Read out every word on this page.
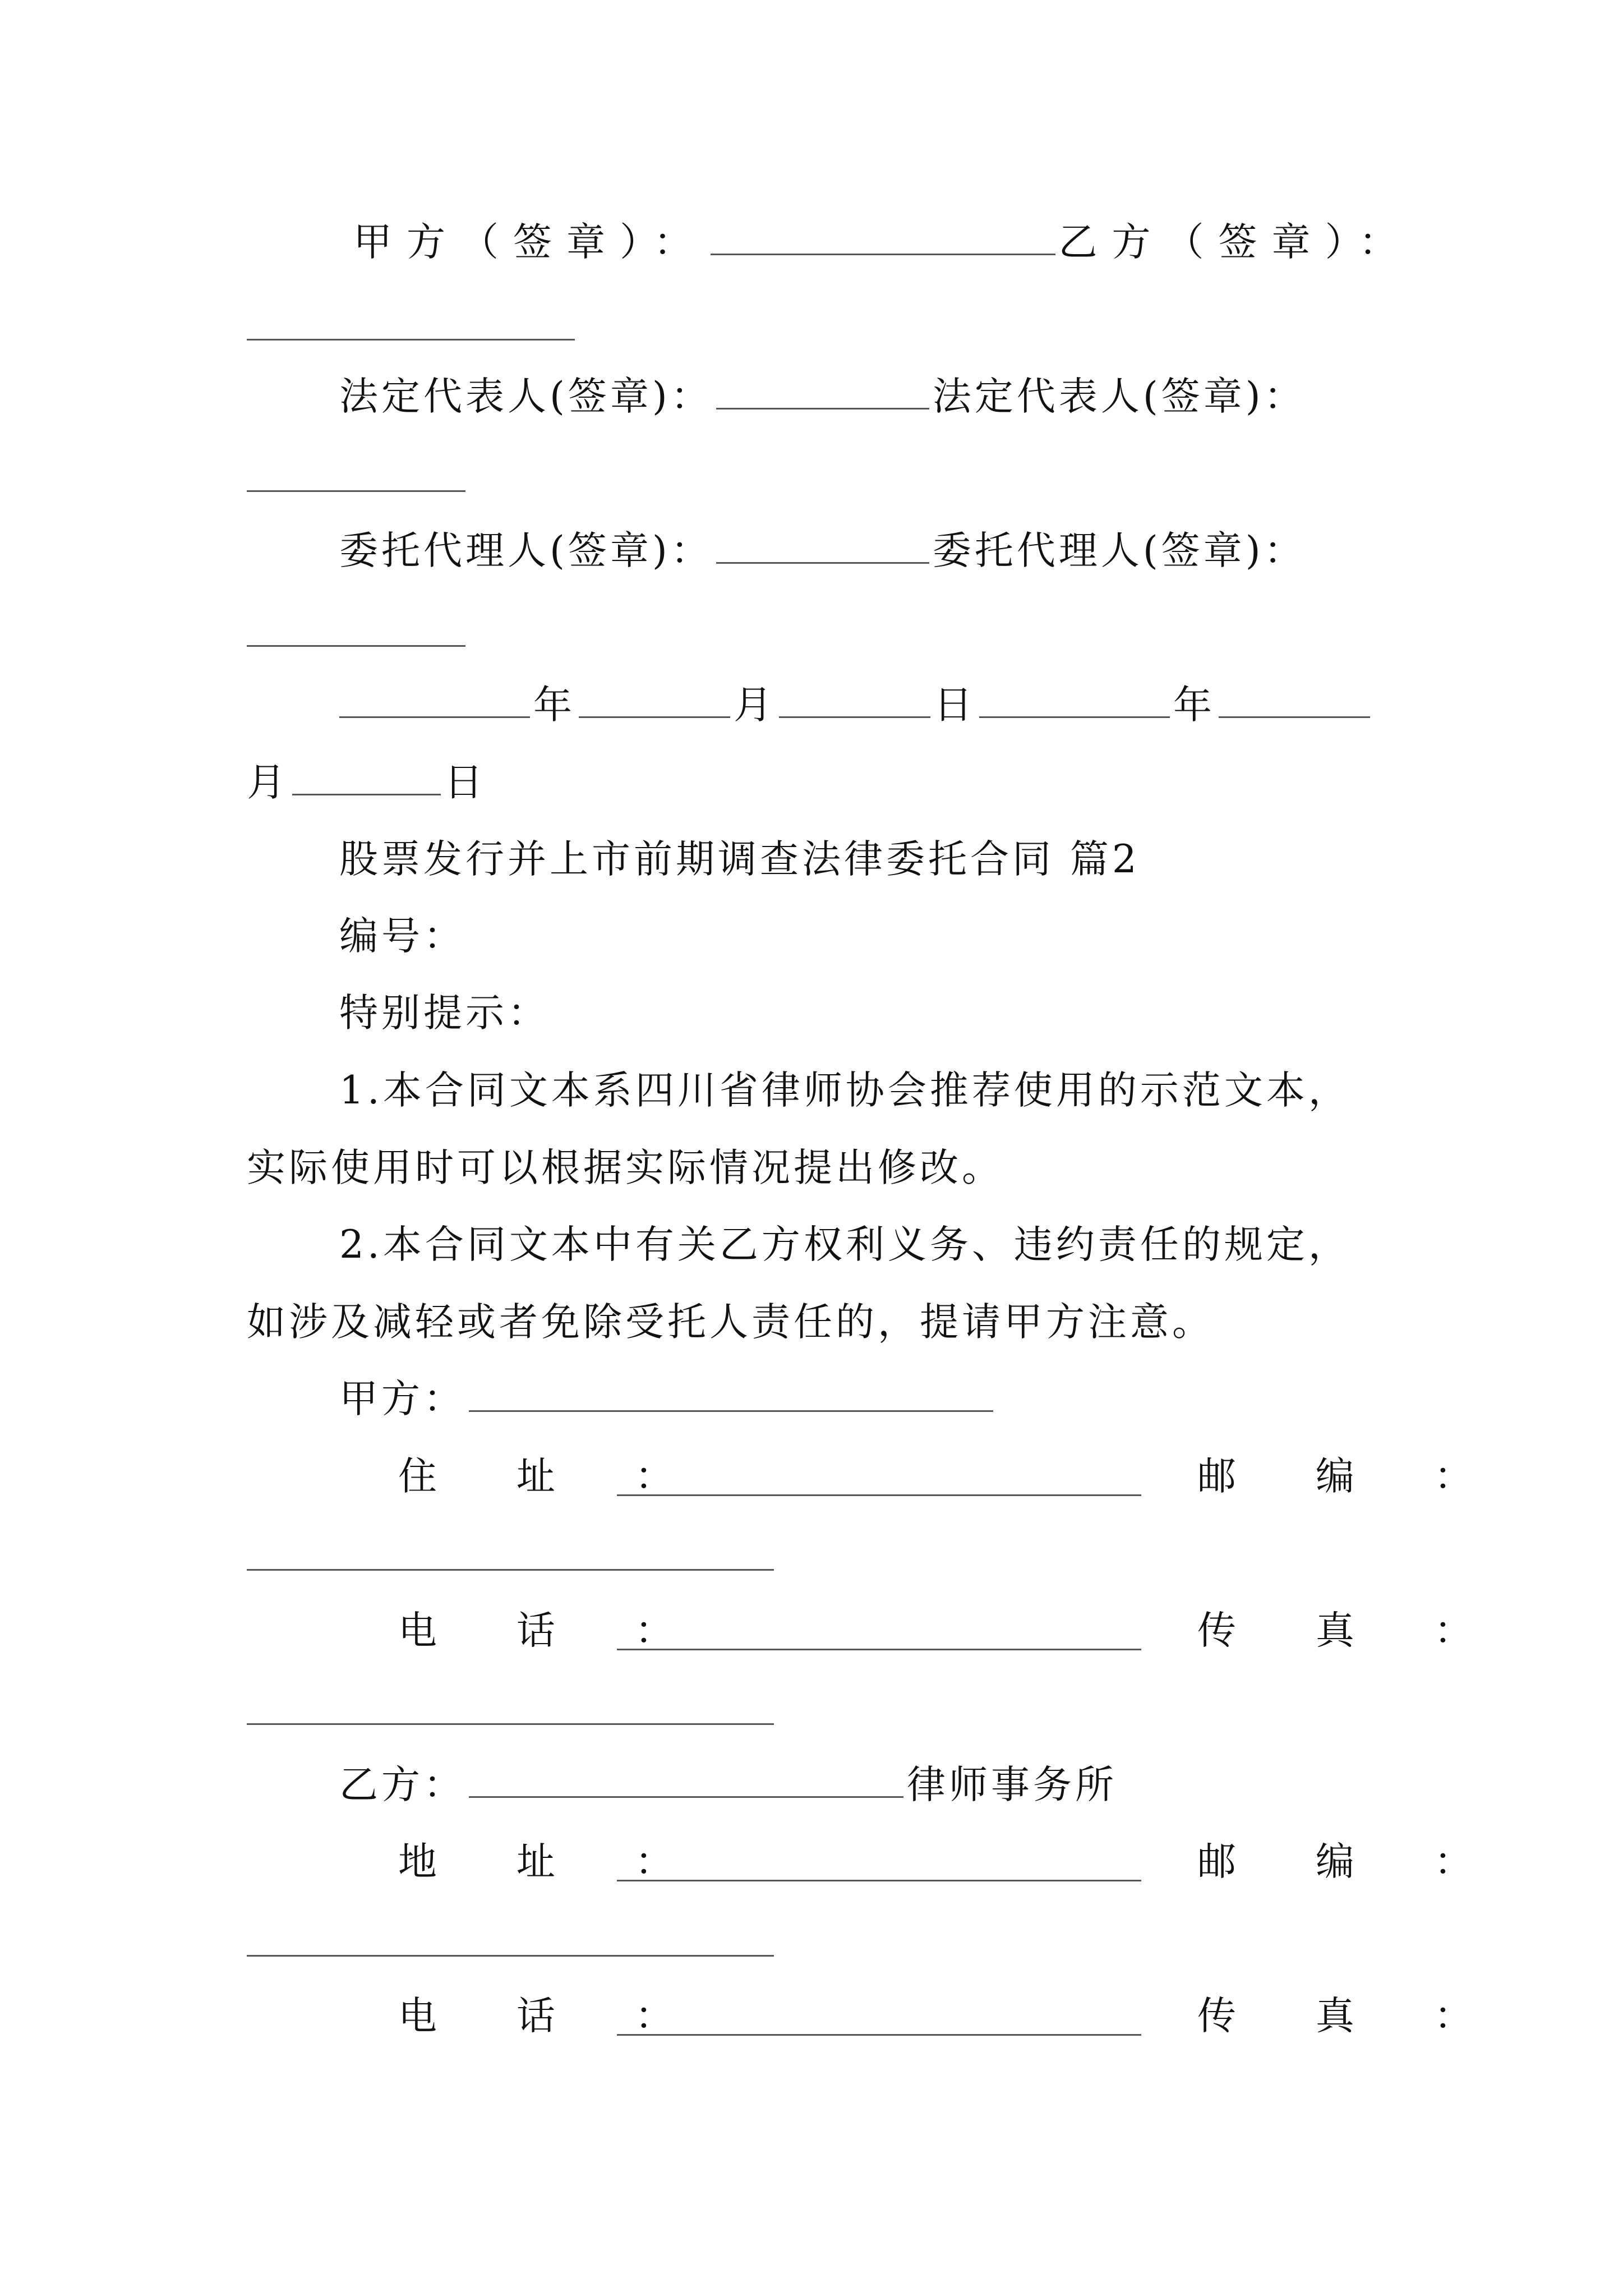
甲方（签章）：	乙方（签章）：
法定代表人(签章)：	法定代表人(签章)：
委托代理人(签章)：	委托代理人(签章)：
年	月	日	年
月	日
股票发行并上市前期调查法律委托合同 篇2
编号：
特别提示：
1.本合同文本系四川省律师协会推荐使用的示范文本，
实际使用时可以根据实际情况提出修改。
2.本合同文本中有关乙方权利义务、违约责任的规定，
如涉及减轻或者免除受托人责任的，提请甲方注意。
甲方：
住 址 ：	邮 编 ：
电 话 ：	传 真 ：
乙方：	律师事务所
地 址 ：	邮 编 ：
电 话 ：	传 真 ：
